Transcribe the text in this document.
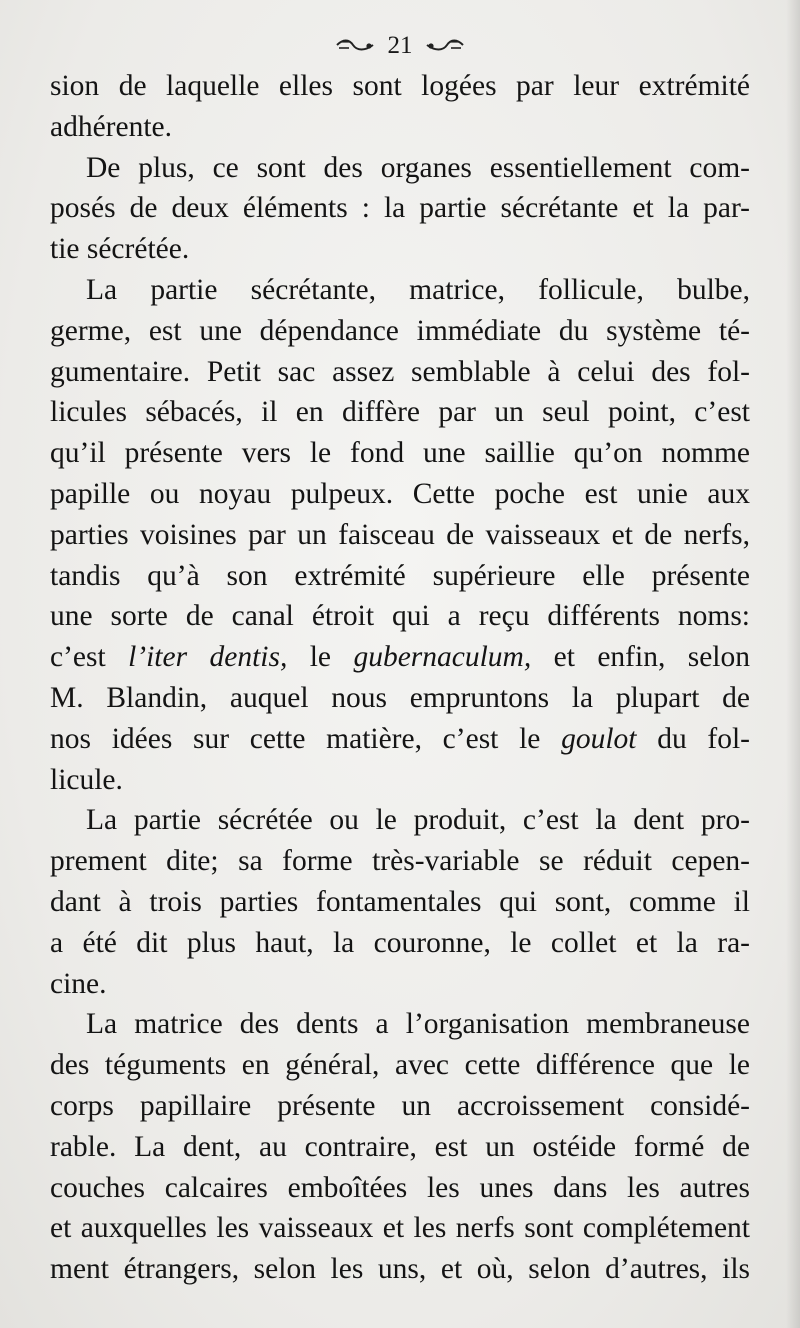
21
sion de laquelle elles sont logées par leur extrémité
adhérente.
De plus, ce sont des organes essentiellement com-
posés de deux éléments : la partie sécrétante et la par-
tie sécrétée.
La partie sécrétante, matrice, follicule, bulbe,
germe, est une dépendance immédiate du système té-
gumentaire. Petit sac assez semblable à celui des fol-
licules sébacés, il en diffère par un seul point, c’est
qu’il présente vers le fond une saillie qu’on nomme
papille ou noyau pulpeux. Cette poche est unie aux
parties voisines par un faisceau de vaisseaux et de nerfs,
tandis qu’à son extrémité supérieure elle présente
une sorte de canal étroit qui a reçu différents noms:
c’est l’iter dentis, le gubernaculum, et enfin, selon
M. Blandin, auquel nous empruntons la plupart de
nos idées sur cette matière, c’est le goulot du fol-
licule.
La partie sécrétée ou le produit, c’est la dent pro-
prement dite; sa forme très-variable se réduit cepen-
dant à trois parties fontamentales qui sont, comme il
a été dit plus haut, la couronne, le collet et la ra-
cine.
La matrice des dents a l’organisation membraneuse
des téguments en général, avec cette différence que le
corps papillaire présente un accroissement considé-
rable. La dent, au contraire, est un ostéide formé de
couches calcaires emboîtées les unes dans les autres
et auxquelles les vaisseaux et les nerfs sont complétement
ment étrangers, selon les uns, et où, selon d’autres, ils
